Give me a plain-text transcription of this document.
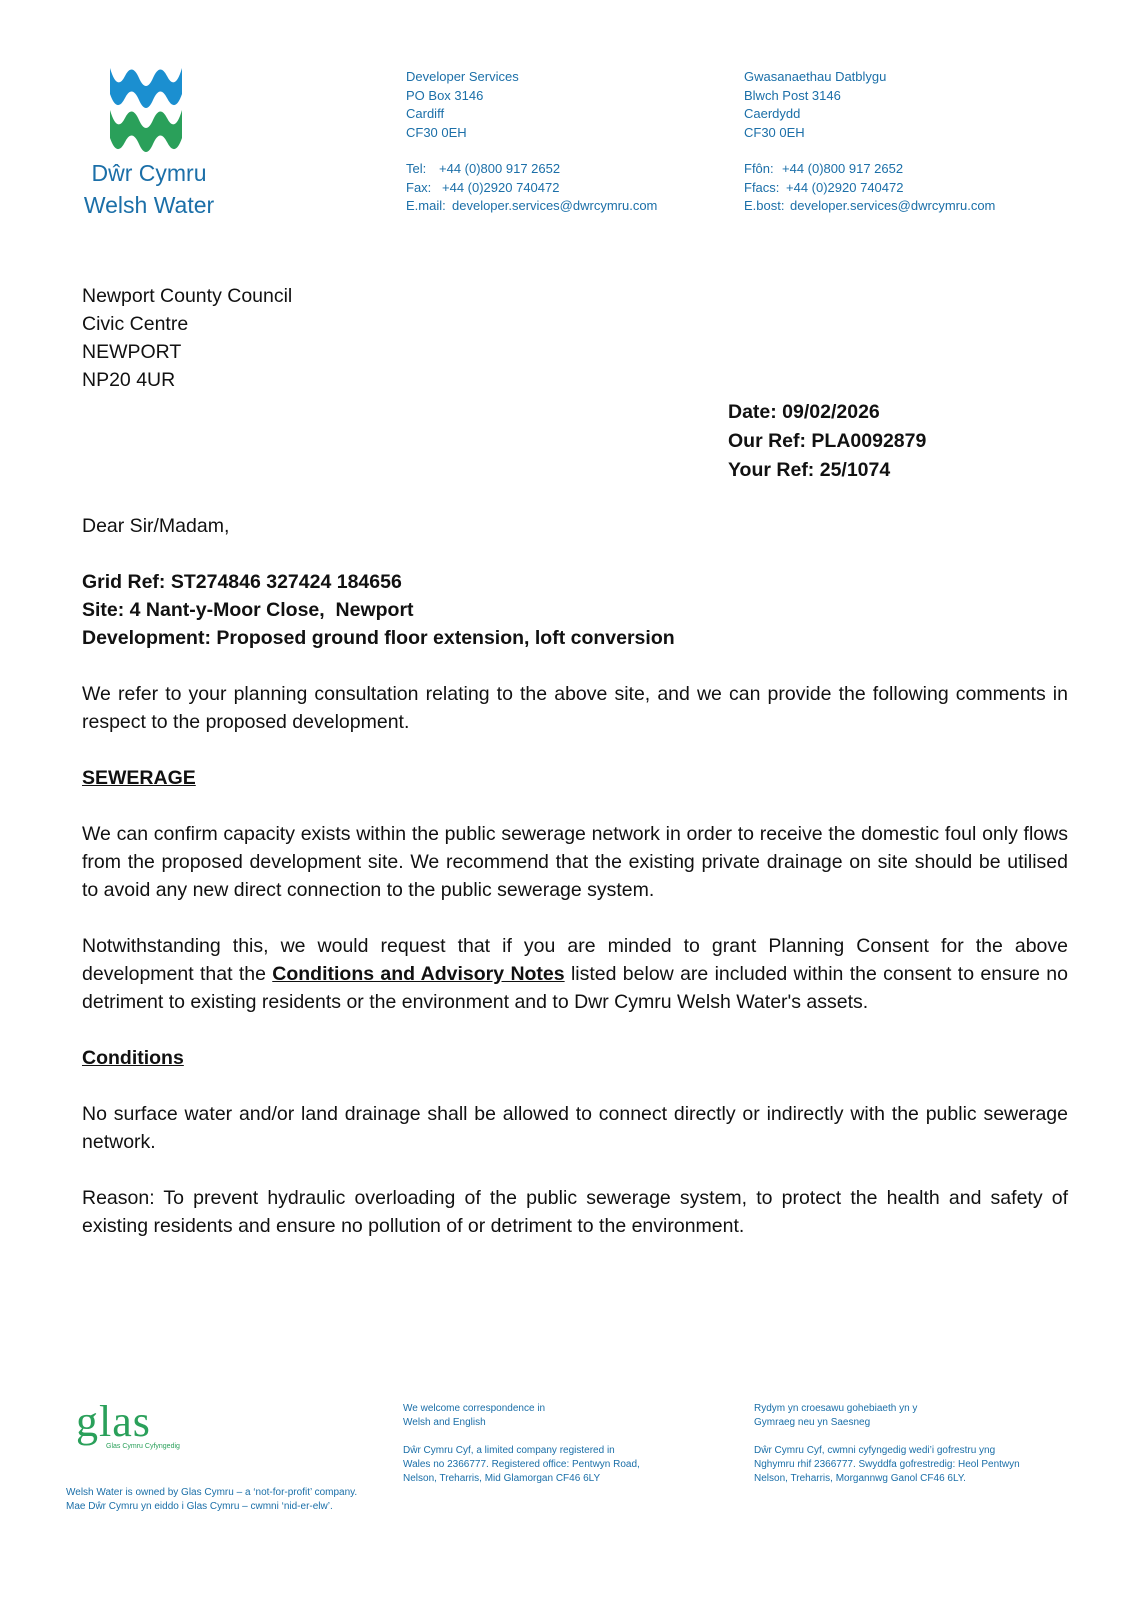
Dŵr Cymru
Welsh Water
Developer Services
PO Box 3146
Cardiff
CF30 0EH
Tel: +44 (0)800 917 2652
Fax: +44 (0)2920 740472
E.mail: developer.services@dwrcymru.com
Gwasanaethau Datblygu
Blwch Post 3146
Caerdydd
CF30 0EH
Ffôn: +44 (0)800 917 2652
Ffacs: +44 (0)2920 740472
E.bost: developer.services@dwrcymru.com
Newport County Council
Civic Centre
NEWPORT
NP20 4UR
Date: 09/02/2026
Our Ref: PLA0092879
Your Ref: 25/1074

Dear Sir/Madam,

Grid Ref: ST274846 327424 184656
Site: 4 Nant-y-Moor Close,  Newport
Development: Proposed ground floor extension, loft conversion

We refer to your planning consultation relating to the above site, and we can provide the following comments in respect to the proposed development.

SEWERAGE

We can confirm capacity exists within the public sewerage network in order to receive the domestic foul only flows from the proposed development site. We recommend that the existing private drainage on site should be utilised to avoid any new direct connection to the public sewerage system.

Notwithstanding this, we would request that if you are minded to grant Planning Consent for the above development that the Conditions and Advisory Notes listed below are included within the consent to ensure no detriment to existing residents or the environment and to Dwr Cymru Welsh Water's assets.

Conditions

No surface water and/or land drainage shall be allowed to connect directly or indirectly with the public sewerage network.

Reason: To prevent hydraulic overloading of the public sewerage system, to protect the health and safety of existing residents and ensure no pollution of or detriment to the environment.

glas
Glas Cymru Cyfyngedig
Welsh Water is owned by Glas Cymru – a ‘not-for-profit’ company.
Mae Dŵr Cymru yn eiddo i Glas Cymru – cwmni ‘nid-er-elw’.
We welcome correspondence in
Welsh and English
Dŵr Cymru Cyf, a limited company registered in
Wales no 2366777. Registered office: Pentwyn Road,
Nelson, Treharris, Mid Glamorgan CF46 6LY
Rydym yn croesawu gohebiaeth yn y
Gymraeg neu yn Saesneg
Dŵr Cymru Cyf, cwmni cyfyngedig wedi’i gofrestru yng
Nghymru rhif 2366777. Swyddfa gofrestredig: Heol Pentwyn
Nelson, Treharris, Morgannwg Ganol CF46 6LY.
